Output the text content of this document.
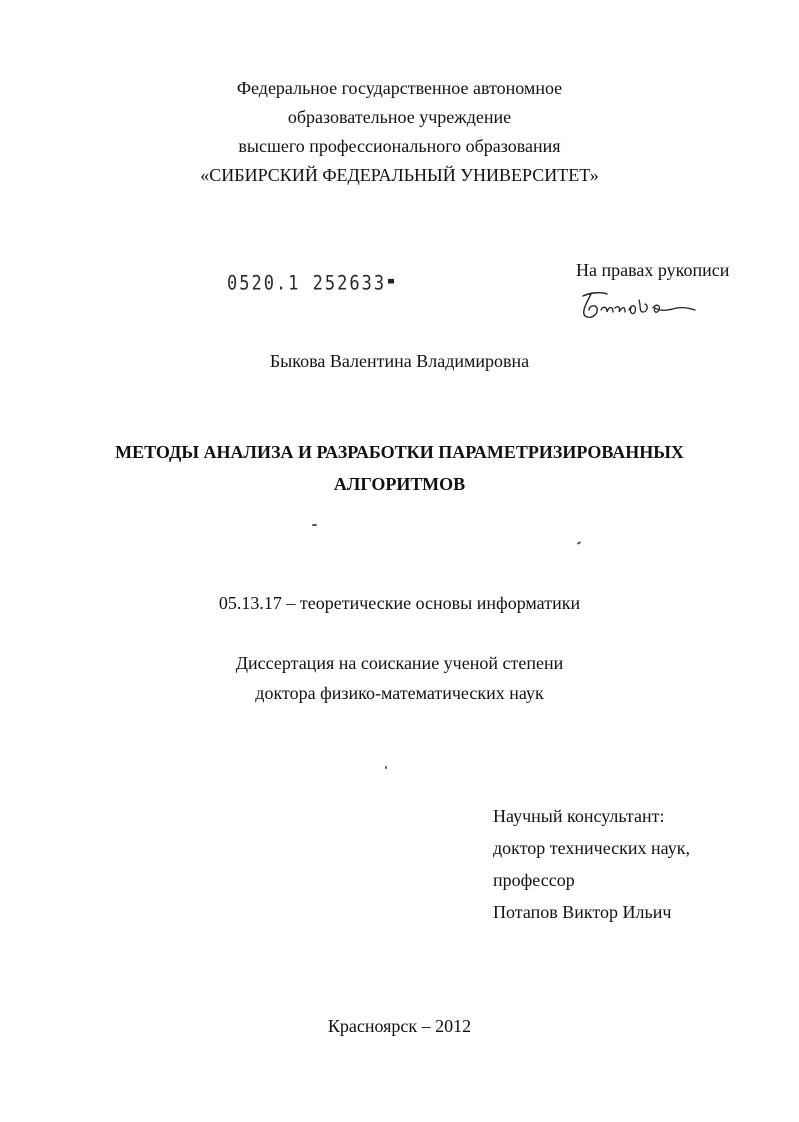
Федеральное государственное автономное
образовательное учреждение
высшего профессионального образования
«СИБИРСКИЙ ФЕДЕРАЛЬНЫЙ УНИВЕРСИТЕТ»
0520.1 252633
На правах рукописи
Быкова Валентина Владимировна
МЕТОДЫ АНАЛИЗА И РАЗРАБОТКИ ПАРАМЕТРИЗИРОВАННЫХ
АЛГОРИТМОВ
05.13.17 – теоретические основы информатики
Диссертация на соискание ученой степени
доктора физико-математических наук
Научный консультант:
доктор технических наук,
профессор
Потапов Виктор Ильич
Красноярск – 2012
